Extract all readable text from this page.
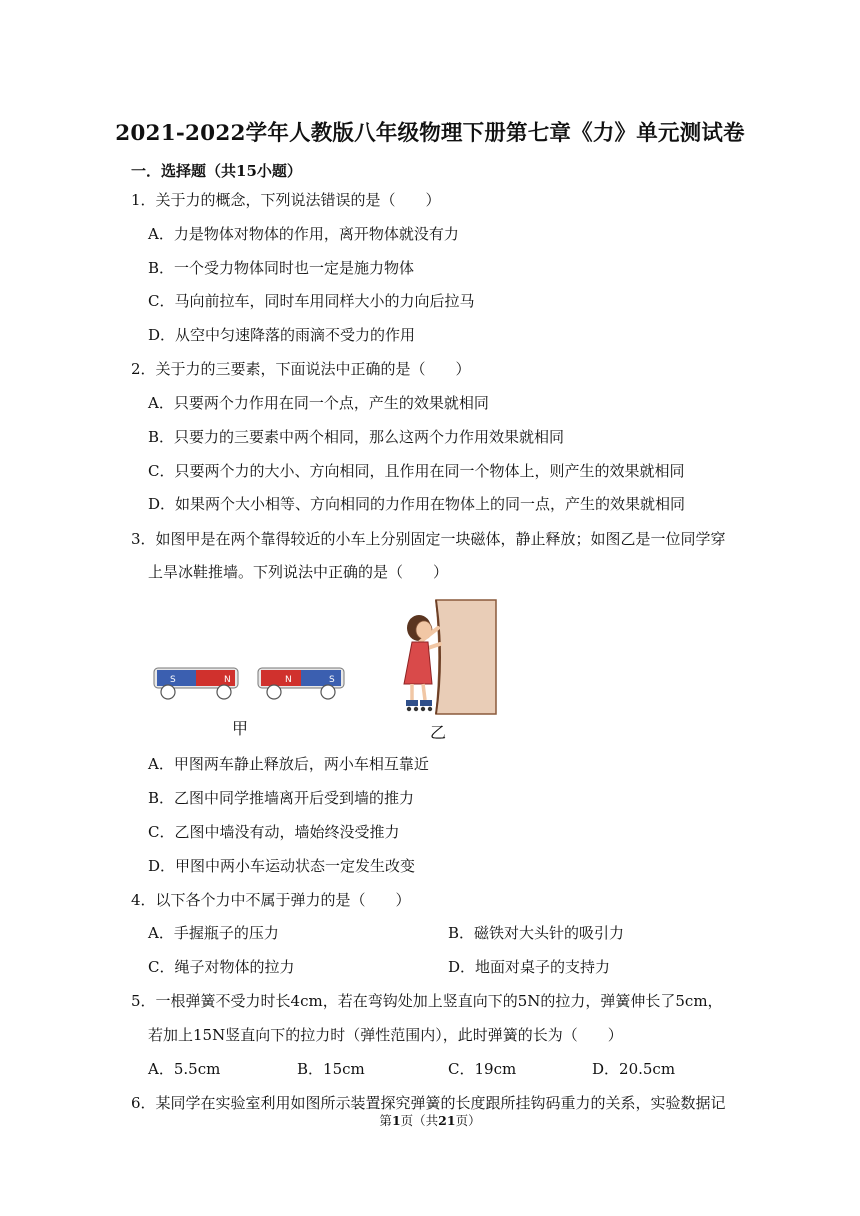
2021-2022学年人教版八年级物理下册第七章《力》单元测试卷
一．选择题（共15小题）
1．关于力的概念，下列说法错误的是（　　）
A．力是物体对物体的作用，离开物体就没有力
B．一个受力物体同时也一定是施力物体
C．马向前拉车，同时车用同样大小的力向后拉马
D．从空中匀速降落的雨滴不受力的作用
2．关于力的三要素，下面说法中正确的是（　　）
A．只要两个力作用在同一个点，产生的效果就相同
B．只要力的三要素中两个相同，那么这两个力作用效果就相同
C．只要两个力的大小、方向相同，且作用在同一个物体上，则产生的效果就相同
D．如果两个大小相等、方向相同的力作用在物体上的同一点，产生的效果就相同
3．如图甲是在两个靠得较近的小车上分别固定一块磁体，静止释放；如图乙是一位同学穿
上旱冰鞋推墙。下列说法中正确的是（　　）
S	N	N	S
甲	乙
A．甲图两车静止释放后，两小车相互靠近
B．乙图中同学推墙离开后受到墙的推力
C．乙图中墙没有动，墙始终没受推力
D．甲图中两小车运动状态一定发生改变
4．以下各个力中不属于弹力的是（　　）
A．手握瓶子的压力	B．磁铁对大头针的吸引力
C．绳子对物体的拉力	D．地面对桌子的支持力
5．一根弹簧不受力时长4cm，若在弯钩处加上竖直向下的5N的拉力，弹簧伸长了5cm，
若加上15N竖直向下的拉力时（弹性范围内），此时弹簧的长为（　　）
A．5.5cm	B．15cm	C．19cm	D．20.5cm
6．某同学在实验室利用如图所示装置探究弹簧的长度跟所挂钩码重力的关系，实验数据记
第1页（共21页）
